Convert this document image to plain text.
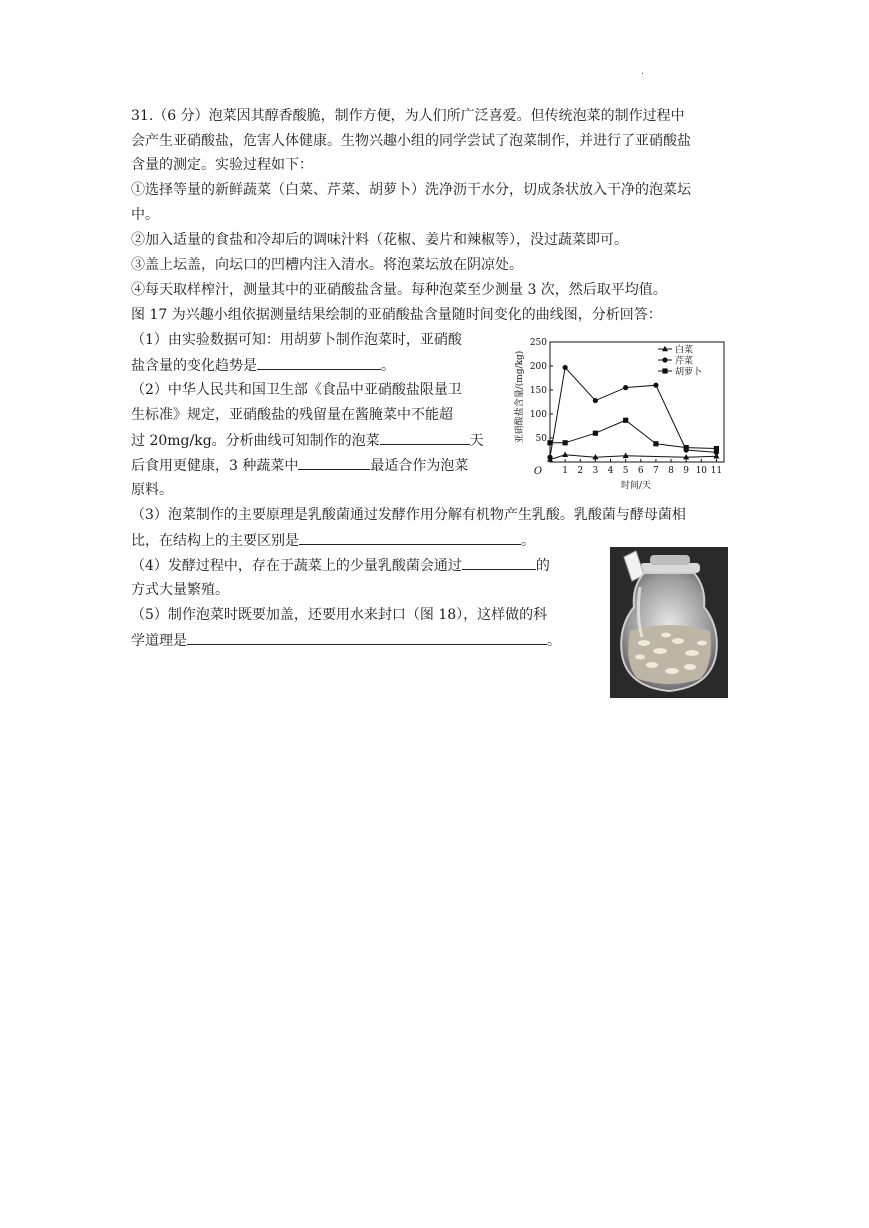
.
31.（6 分）泡菜因其醇香酸脆，制作方便，为人们所广泛喜爱。但传统泡菜的制作过程中
会产生亚硝酸盐，危害人体健康。生物兴趣小组的同学尝试了泡菜制作，并进行了亚硝酸盐
含量的测定。实验过程如下：
①选择等量的新鲜蔬菜（白菜、芹菜、胡萝卜）洗净沥干水分，切成条状放入干净的泡菜坛
中。
②加入适量的食盐和冷却后的调味汁料（花椒、姜片和辣椒等），没过蔬菜即可。
③盖上坛盖，向坛口的凹槽内注入清水。将泡菜坛放在阴凉处。
④每天取样榨汁，测量其中的亚硝酸盐含量。每种泡菜至少测量 3 次，然后取平均值。
图 17 为兴趣小组依据测量结果绘制的亚硝酸盐含量随时间变化的曲线图，分析回答：
（1）由实验数据可知：用胡萝卜制作泡菜时，亚硝酸
盐含量的变化趋势是	。
（2）中华人民共和国卫生部《食品中亚硝酸盐限量卫
生标准》规定，亚硝酸盐的残留量在酱腌菜中不能超
过 20mg/kg。分析曲线可知制作的泡菜	天
后食用更健康，3 种蔬菜中	最适合作为泡菜
原料。
（3）泡菜制作的主要原理是乳酸菌通过发酵作用分解有机物产生乳酸。乳酸菌与酵母菌相
比，在结构上的主要区别是	。
（4）发酵过程中，存在于蔬菜上的少量乳酸菌会通过	的
方式大量繁殖。
（5）制作泡菜时既要加盖，还要用水来封口（图 18），这样做的科
学道理是	。
50
100
150
200
250
1 2 3 4 5 6 7 8 9 10 11
白菜
芹菜
胡萝卜
亚硝酸盐含量/(mg/kg)
时间/天
O
